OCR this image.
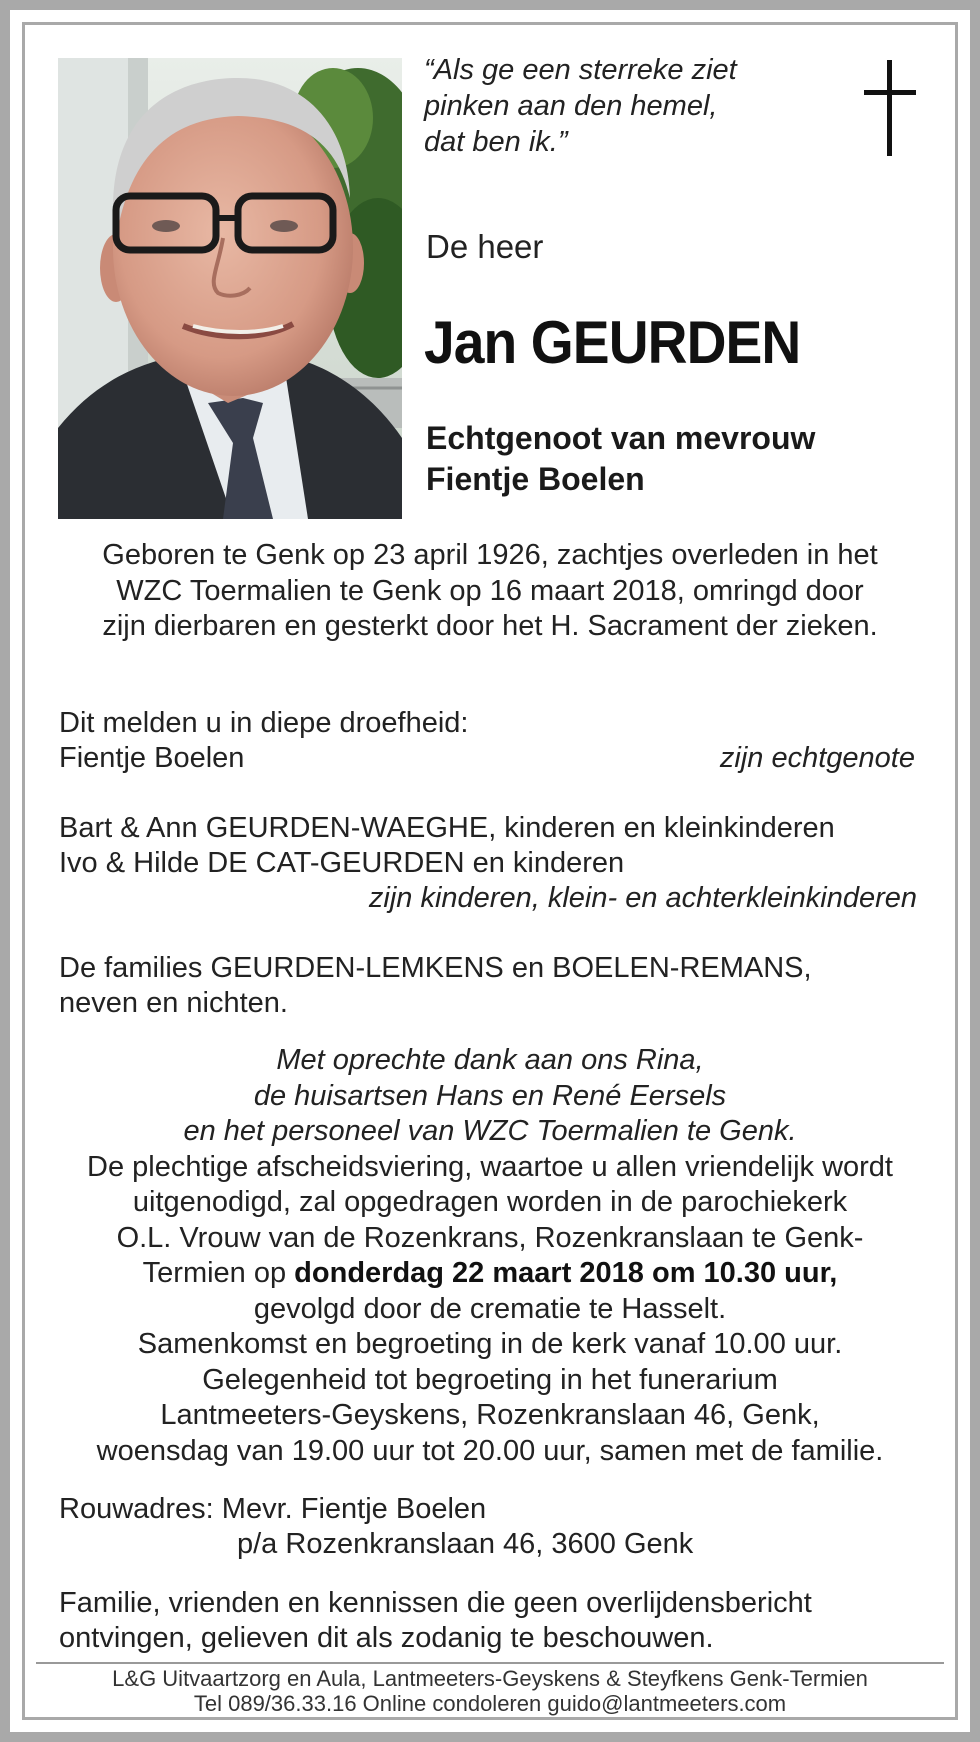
“Als ge een sterreke ziet
pinken aan den hemel,
dat ben ik.”
De heer
Jan GEURDEN
Echtgenoot van mevrouw
Fientje Boelen
Geboren te Genk op 23 april 1926, zachtjes overleden in het
WZC Toermalien te Genk op 16 maart 2018, omringd door
zijn dierbaren en gesterkt door het H. Sacrament der zieken.
Dit melden u in diepe droefheid:
Fientje Boelen	zijn echtgenote
Bart & Ann GEURDEN-WAEGHE, kinderen en kleinkinderen
Ivo & Hilde DE CAT-GEURDEN en kinderen
zijn kinderen, klein- en achterkleinkinderen
De families GEURDEN-LEMKENS en BOELEN-REMANS,
neven en nichten.
Met oprechte dank aan ons Rina,
de huisartsen Hans en René Eersels
en het personeel van WZC Toermalien te Genk.
De plechtige afscheidsviering, waartoe u allen vriendelijk wordt
uitgenodigd, zal opgedragen worden in de parochiekerk
O.L. Vrouw van de Rozenkrans, Rozenkranslaan te Genk-
Termien op donderdag 22 maart 2018 om 10.30 uur,
gevolgd door de crematie te Hasselt.
Samenkomst en begroeting in de kerk vanaf 10.00 uur.
Gelegenheid tot begroeting in het funerarium
Lantmeeters-Geyskens, Rozenkranslaan 46, Genk,
woensdag van 19.00 uur tot 20.00 uur, samen met de familie.
Rouwadres: Mevr. Fientje Boelen
p/a Rozenkranslaan 46, 3600 Genk
Familie, vrienden en kennissen die geen overlijdensbericht
ontvingen, gelieven dit als zodanig te beschouwen.
L&G Uitvaartzorg en Aula, Lantmeeters-Geyskens & Steyfkens Genk-Termien
Tel 089/36.33.16 Online condoleren guido@lantmeeters.com
